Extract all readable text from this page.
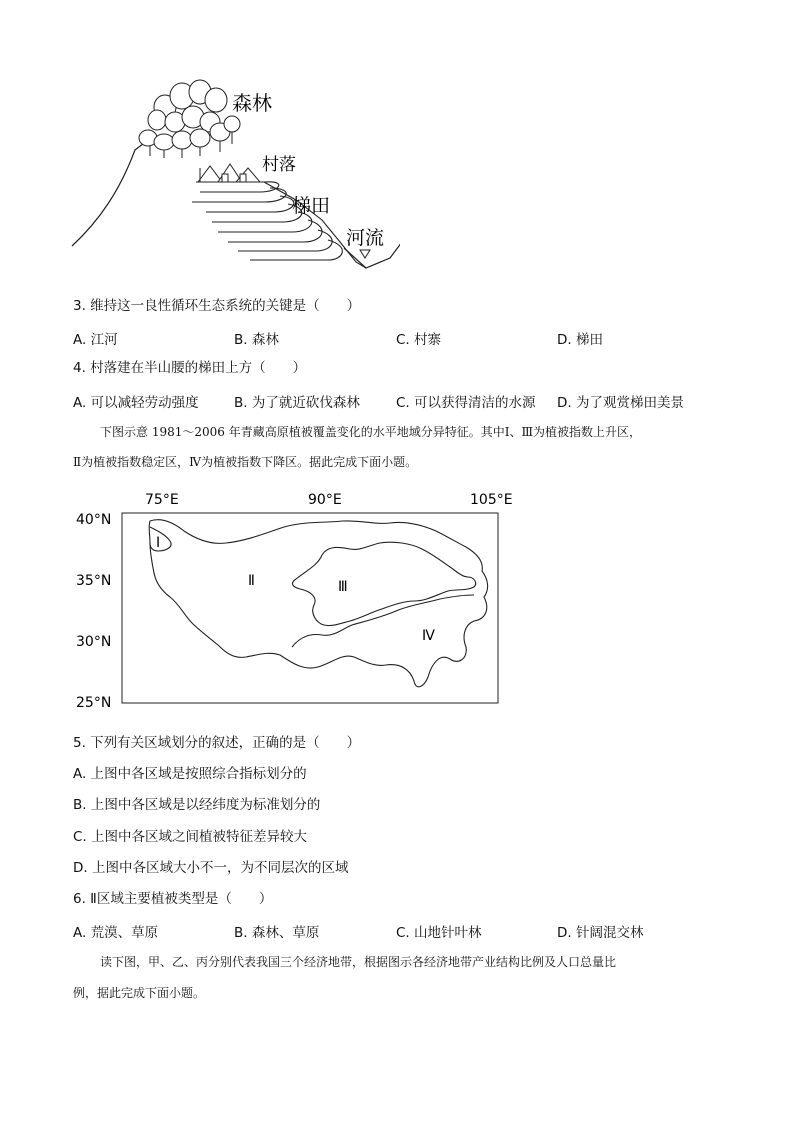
森林
村落
梯田
河流
3. 维持这一良性循环生态系统的关键是（　　）
A. 江河	B. 森林	C. 村寨	D. 梯田
4. 村落建在半山腰的梯田上方（　　）
A. 可以减轻劳动强度	B. 为了就近砍伐森林	C. 可以获得清洁的水源 D. 为了观赏梯田美景
下图示意 1981～2006 年青藏高原植被覆盖变化的水平地域分异特征。其中Ⅰ、Ⅲ为植被指数上升区，
Ⅱ为植被指数稳定区，Ⅳ为植被指数下降区。据此完成下面小题。
75°E	90°E	105°E
40°N
35°N
30°N
25°N
Ⅰ
Ⅱ	Ⅲ
Ⅳ
5. 下列有关区域划分的叙述，正确的是（　　）
A. 上图中各区域是按照综合指标划分的
B. 上图中各区域是以经纬度为标准划分的
C. 上图中各区域之间植被特征差异较大
D. 上图中各区域大小不一，为不同层次的区域
6. Ⅱ区域主要植被类型是（　　）
A. 荒漠、草原	B. 森林、草原	C. 山地针叶林	D. 针阔混交林
读下图，甲、乙、丙分别代表我国三个经济地带，根据图示各经济地带产业结构比例及人口总量比
例，据此完成下面小题。
